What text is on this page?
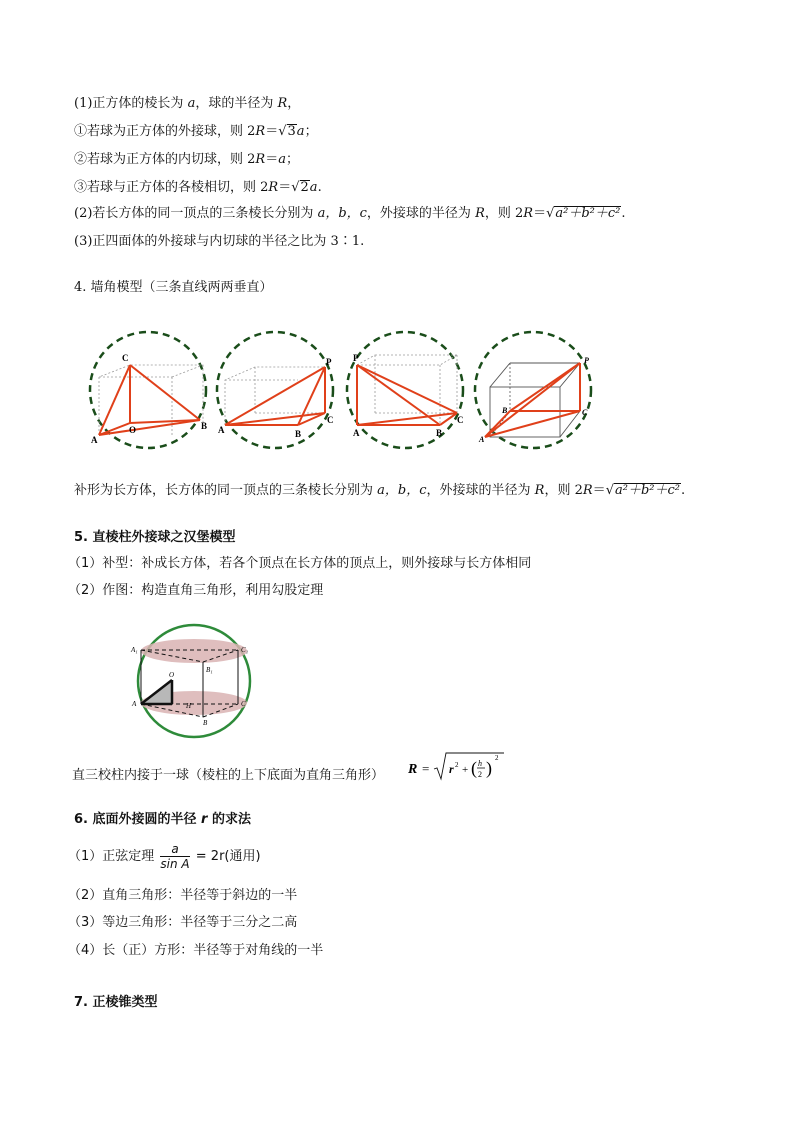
(1)正方体的棱长为 a，球的半径为 R，
①若球为正方体的外接球，则 2R＝√3a；
②若球为正方体的内切球，则 2R＝a；
③若球与正方体的各棱相切，则 2R＝√2a.
(2)若长方体的同一顶点的三条棱长分别为 a，b，c，外接球的半径为 R，则 2R＝√a²＋b²＋c².
(3)正四面体的外接球与内切球的半径之比为 3∶1.
4. 墙角模型（三条直线两两垂直）
C
A
O	B
P
A	B
C
P
A	B
C
P
B	C
A
补形为长方体，长方体的同一顶点的三条棱长分别为 a，b，c，外接球的半径为 R，则 2R＝√a²＋b²＋c².
5. 直棱柱外接球之汉堡模型
（1）补型：补成长方体，若各个顶点在长方体的顶点上，则外接球与长方体相同
（2）作图：构造直角三角形，利用勾股定理
A₁	C₁
B₁
O
A	H	C
B
直三校柱内接于一球（棱柱的上下底面为直角三角形） R = r 2 + ( h
2 ) 2
6. 底面外接圆的半径 r 的求法
（1）正弦定理 $\frac{a}{\text{sin A}} = 2r$(通用)
（2）直角三角形：半径等于斜边的一半
（3）等边三角形：半径等于三分之二高
（4）长（正）方形：半径等于对角线的一半
7. 正棱锥类型
